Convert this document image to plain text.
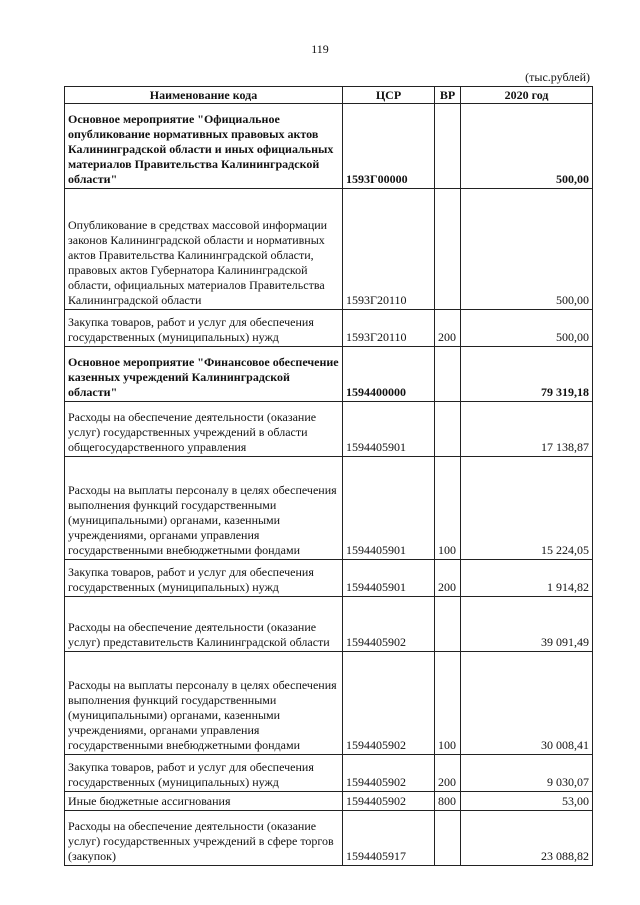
119
(тыс.рублей)
Наименование кода	ЦСР	ВР	2020 год
Основное мероприятие "Официальное опубликование нормативных правовых актов Калининградской области и иных официальных материалов Правительства Калининградской области"	1593Г00000		500,00
Опубликование в средствах массовой информации законов Калининградской области и нормативных актов Правительства Калининградской области, правовых актов Губернатора Калининградской области, официальных материалов Правительства Калининградской области	1593Г20110		500,00
Закупка товаров, работ и услуг для обеспечения государственных (муниципальных) нужд	1593Г20110	200	500,00
Основное мероприятие "Финансовое обеспечение казенных учреждений Калининградской области"	1594400000		79 319,18
Расходы на обеспечение деятельности (оказание услуг) государственных учреждений в области общегосударственного управления	1594405901		17 138,87
Расходы на выплаты персоналу в целях обеспечения выполнения функций государственными (муниципальными) органами, казенными учреждениями, органами управления государственными внебюджетными фондами	1594405901	100	15 224,05
Закупка товаров, работ и услуг для обеспечения государственных (муниципальных) нужд	1594405901	200	1 914,82
Расходы на обеспечение деятельности (оказание услуг) представительств Калининградской области	1594405902		39 091,49
Расходы на выплаты персоналу в целях обеспечения выполнения функций государственными (муниципальными) органами, казенными учреждениями, органами управления государственными внебюджетными фондами	1594405902	100	30 008,41
Закупка товаров, работ и услуг для обеспечения государственных (муниципальных) нужд	1594405902	200	9 030,07
Иные бюджетные ассигнования	1594405902	800	53,00
Расходы на обеспечение деятельности (оказание услуг) государственных учреждений в сфере торгов (закупок)	1594405917		23 088,82
